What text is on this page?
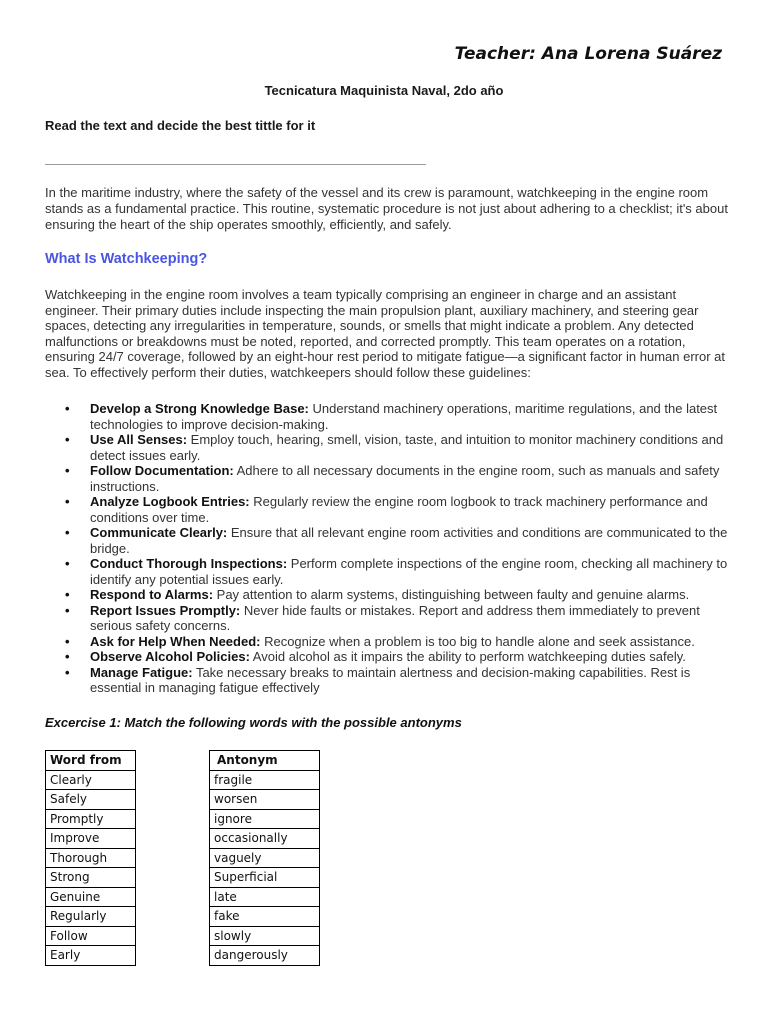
Teacher: Ana Lorena Suárez
Tecnicatura Maquinista Naval, 2do año
Read the text and decide the best tittle for it

In the maritime industry, where the safety of the vessel and its crew is paramount, watchkeeping in the engine room stands as a fundamental practice. This routine, systematic procedure is not just about adhering to a checklist; it's about ensuring the heart of the ship operates smoothly, efficiently, and safely.

What Is Watchkeeping?

Watchkeeping in the engine room involves a team typically comprising an engineer in charge and an assistant engineer. Their primary duties include inspecting the main propulsion plant, auxiliary machinery, and steering gear spaces, detecting any irregularities in temperature, sounds, or smells that might indicate a problem. Any detected malfunctions or breakdowns must be noted, reported, and corrected promptly. This team operates on a rotation, ensuring 24/7 coverage, followed by an eight-hour rest period to mitigate fatigue—a significant factor in human error at sea. To effectively perform their duties, watchkeepers should follow these guidelines:

• Develop a Strong Knowledge Base: Understand machinery operations, maritime regulations, and the latest technologies to improve decision-making.
• Use All Senses: Employ touch, hearing, smell, vision, taste, and intuition to monitor machinery conditions and detect issues early.
• Follow Documentation: Adhere to all necessary documents in the engine room, such as manuals and safety instructions.
• Analyze Logbook Entries: Regularly review the engine room logbook to track machinery performance and conditions over time.
• Communicate Clearly: Ensure that all relevant engine room activities and conditions are communicated to the bridge.
• Conduct Thorough Inspections: Perform complete inspections of the engine room, checking all machinery to identify any potential issues early.
• Respond to Alarms: Pay attention to alarm systems, distinguishing between faulty and genuine alarms.
• Report Issues Promptly: Never hide faults or mistakes. Report and address them immediately to prevent serious safety concerns.
• Ask for Help When Needed: Recognize when a problem is too big to handle alone and seek assistance.
• Observe Alcohol Policies: Avoid alcohol as it impairs the ability to perform watchkeeping duties safely.
• Manage Fatigue: Take necessary breaks to maintain alertness and decision-making capabilities. Rest is essential in managing fatigue effectively
Excercise 1: Match the following words with the possible antonyms
Word from
Clearly
Safely
Promptly
Improve
Thorough
Strong
Genuine
Regularly
Follow
Early
Antonym
fragile
worsen
ignore
occasionally
vaguely
Superficial
late
fake
slowly
dangerously
